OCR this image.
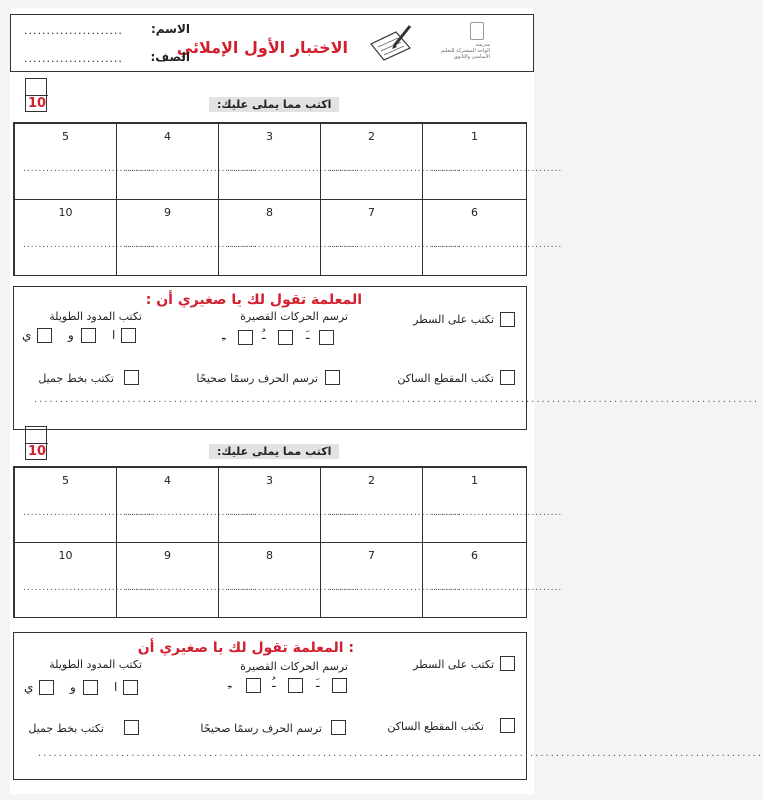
مدرسة
الواحة المشتركة للتعليم الأساسي والثانوي
الاختبار الأول الإملائي
الاسم:
......................
الصف:
......................
10	اكتب مما يملى عليك:
5
..................................
4
..................................
3
..................................
2
..................................
1
..................................
10
..................................
9
..................................
8
..................................
7
..................................
6
..................................
المعلمة تقول لك يا صغيري أن :
تكتب على السطر
ترسم الحركات القصيرة
تكتب المدود الطويلة
ـَ
ـُ
ـِ
ا
و
ي
تكتب المقطع الساكن
ترسم الحرف رسمًا صحيحًا
تكتب بخط جميل
............................................................................................................................................
10	اكتب مما يملى عليك:
5
..................................
4
..................................
3
..................................
2
..................................
1
..................................
10
..................................
9
..................................
8
..................................
7
..................................
6
..................................
: المعلمة تقول لك يا صغيري أن
تكتب على السطر
ترسم الحركات القصيرة
تكتب المدود الطويلة
ـَ
ـُ
ـِ
ا
و
ي
تكتب المقطع الساكن
ترسم الحرف رسمًا صحيحًا
تكتب بخط جميل
............................................................................................................................................
